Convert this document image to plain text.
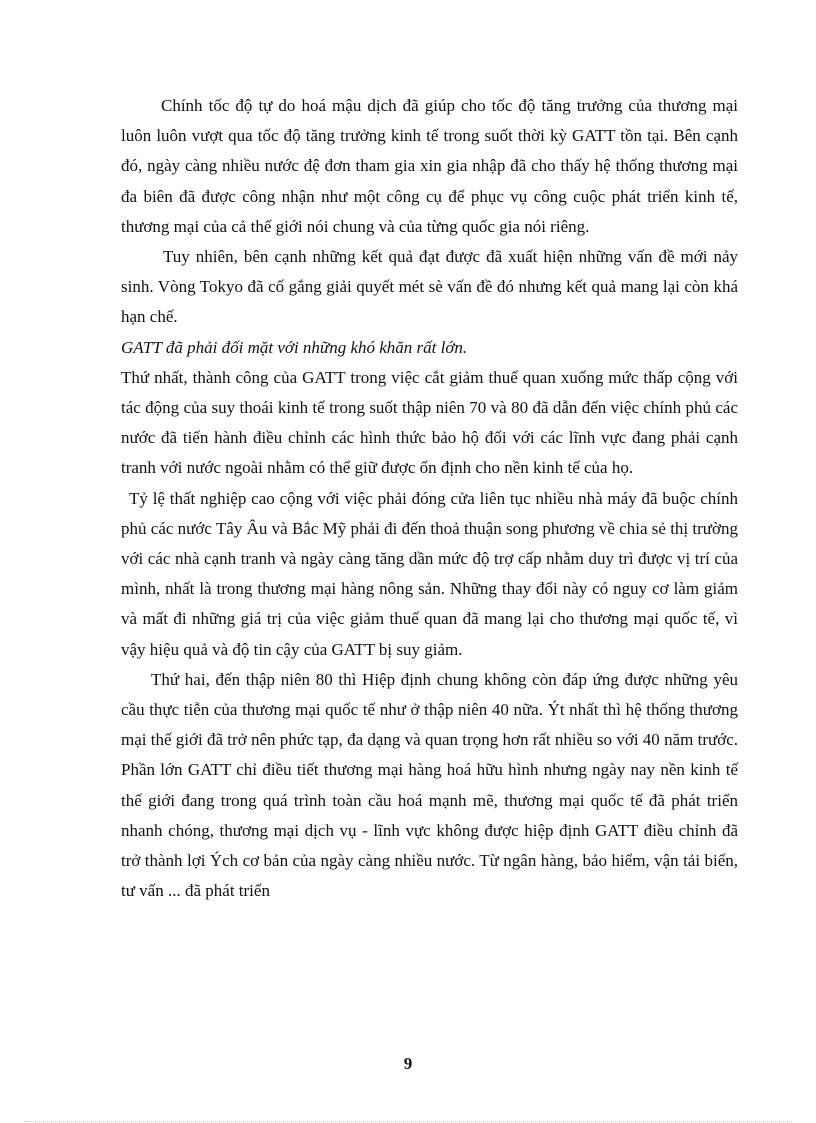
Chính tốc độ tự do hoá mậu dịch đã giúp cho tốc độ tăng trưởng của thương mại luôn luôn vượt qua tốc độ tăng trưởng kinh tế trong suốt thời kỳ GATT tồn tại. Bên cạnh đó, ngày càng nhiều nước đệ đơn tham gia xin gia nhập đã cho thấy hệ thống thương mại đa biên đã được công nhận như một công cụ để phục vụ công cuộc phát triển kinh tế, thương mại của cả thế giới nói chung và của từng quốc gia nói riêng.

Tuy nhiên, bên cạnh những kết quả đạt được đã xuất hiện những vấn đề mới nảy sinh. Vòng Tokyo đã cố gắng giải quyết mét sè vấn đề đó nhưng kết quả mang lại còn khá hạn chế.

GATT đã phải đối mặt với những khó khăn rất lớn.

Thứ nhất, thành công của GATT trong việc cắt giảm thuế quan xuống mức thấp cộng với tác động của suy thoái kinh tế trong suốt thập niên 70 và 80 đã dẫn đến việc chính phủ các nước đã tiến hành điều chỉnh các hình thức bảo hộ đối với các lĩnh vực đang phải cạnh tranh với nước ngoài nhằm có thể giữ được ổn định cho nền kinh tế của họ.

Tỷ lệ thất nghiệp cao cộng với việc phải đóng cửa liên tục nhiều nhà máy đã buộc chính phủ các nước Tây Âu và Bắc Mỹ phải đi đến thoả thuận song phương về chia sẻ thị trường với các nhà cạnh tranh và ngày càng tăng dần mức độ trợ cấp nhằm duy trì được vị trí của mình, nhất là trong thương mại hàng nông sản. Những thay đổi này có nguy cơ làm giảm và mất đi những giá trị của việc giảm thuế quan đã mang lại cho thương mại quốc tế, vì vậy hiệu quả và độ tin cậy của GATT bị suy giảm.

Thứ hai, đến thập niên 80 thì Hiệp định chung không còn đáp ứng được những yêu cầu thực tiễn của thương mại quốc tế như ở thập niên 40 nữa. Ýt nhất thì hệ thống thương mại thế giới đã trở nên phức tạp, đa dạng và quan trọng hơn rất nhiều so với 40 năm trước. Phần lớn GATT chỉ điều tiết thương mại hàng hoá hữu hình nhưng ngày nay nền kinh tế thế giới đang trong quá trình toàn cầu hoá mạnh mẽ, thương mại quốc tế đã phát triển nhanh chóng, thương mại dịch vụ - lĩnh vực không được hiệp định GATT điều chỉnh đã trở thành lợi Ých cơ bản của ngày càng nhiều nước. Từ ngân hàng, bảo hiểm, vận tải biển, tư vấn ... đã phát triển

9
